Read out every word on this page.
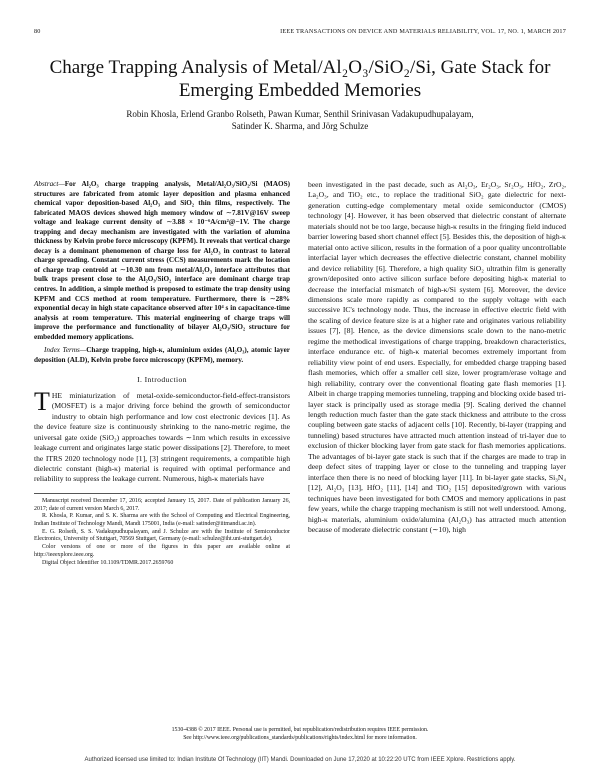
80	IEEE TRANSACTIONS ON DEVICE AND MATERIALS RELIABILITY, VOL. 17, NO. 1, MARCH 2017
Charge Trapping Analysis of Metal/Al₂O₃/SiO₂/Si, Gate Stack for Emerging Embedded Memories
Robin Khosla, Erlend Granbo Rolseth, Pawan Kumar, Senthil Srinivasan Vadakupudhupalayam,
Satinder K. Sharma, and Jörg Schulze
Abstract—For Al₂O₃ charge trapping analysis, Metal/Al₂O₃/SiO₂/Si (MAOS) structures are fabricated from atomic layer deposition and plasma enhanced chemical vapor deposition-based Al₂O₃ and SiO₂ thin films, respectively. The fabricated MAOS devices showed high memory window of ∼7.81V@16V sweep voltage and leakage current density of ∼3.88 × 10⁻⁶A/cm²@−1V. The charge trapping and decay mechanism are investigated with the variation of alumina thickness by Kelvin probe force microscopy (KPFM). It reveals that vertical charge decay is a dominant phenomenon of charge loss for Al₂O₃ in contrast to lateral charge spreading. Constant current stress (CCS) measurements mark the location of charge trap centroid at ∼10.30 nm from metal/Al₂O₃ interface attributes that bulk traps present close to the Al₂O₃/SiO₂ interface are dominant charge trap centres. In addition, a simple method is proposed to estimate the trap density using KPFM and CCS method at room temperature. Furthermore, there is ∼28% exponential decay in high state capacitance observed after 10⁴ s in capacitance-time analysis at room temperature. This material engineering of charge traps will improve the performance and functionality of bilayer Al₂O₃/SiO₂ structure for embedded memory applications.
Index Terms—Charge trapping, high-κ, aluminium oxides (Al₂O₃), atomic layer deposition (ALD), Kelvin probe force microscopy (KPFM), memory.
I. Introduction

THE miniaturization of metal-oxide-semiconductor-field-effect-transistors (MOSFET) is a major driving force behind the growth of semiconductor industry to obtain high performance and low cost electronic devices [1]. As the device feature size is continuously shrinking to the nano-metric regime, the universal gate oxide (SiO₂) approaches towards ∼1nm which results in excessive leakage current and originates large static power dissipations [2]. Therefore, to meet the ITRS 2020 technology node [1], [3] stringent requirements, a compatible high dielectric constant (high-κ) material is required with optimal performance and reliability to suppress the leakage current. Numerous, high-κ materials have

Manuscript received December 17, 2016; accepted January 15, 2017. Date of publication January 26, 2017; date of current version March 6, 2017.

R. Khosla, P. Kumar, and S. K. Sharma are with the School of Computing and Electrical Engineering, Indian Institute of Technology Mandi, Mandi 175001, India (e-mail: satinder@iitmandi.ac.in).

E. G. Rolseth, S. S. Vadakupudhupalayam, and J. Schulze are with the Institute of Semiconductor Electronics, University of Stuttgart, 70569 Stuttgart, Germany (e-mail: schulze@iht.uni-stuttgart.de).

Color versions of one or more of the figures in this paper are available online at http://ieeexplore.ieee.org.

Digital Object Identifier 10.1109/TDMR.2017.2659760

been investigated in the past decade, such as Al₂O₃, Er₂O₃, Sr₂O₃, HfO₂, ZrO₂, La₂O₃, and TiO₂ etc., to replace the traditional SiO₂ gate dielectric for next-generation cutting-edge complementary metal oxide semiconductor (CMOS) technology [4]. However, it has been observed that dielectric constant of alternate materials should not be too large, because high-κ results in the fringing field induced barrier lowering based short channel effect [5]. Besides this, the deposition of high-κ material onto active silicon, results in the formation of a poor quality uncontrollable interfacial layer which decreases the effective dielectric constant, channel mobility and device reliability [6]. Therefore, a high quality SiO₂ ultrathin film is generally grown/deposited onto active silicon surface before depositing high-κ material to decrease the interfacial mismatch of high-κ/Si system [6]. Moreover, the device dimensions scale more rapidly as compared to the supply voltage with each successive IC's technology node. Thus, the increase in effective electric field with the scaling of device feature size is at a higher rate and originates various reliability issues [7], [8]. Hence, as the device dimensions scale down to the nano-metric regime the methodical investigations of charge trapping, breakdown characteristics, interface endurance etc. of high-κ material becomes extremely important from reliability view point of end users. Especially, for embedded charge trapping based flash memories, which offer a smaller cell size, lower program/erase voltage and high reliability, contrary over the conventional floating gate flash memories [1]. Albeit in charge trapping memories tunneling, trapping and blocking oxide based tri-layer stack is principally used as storage media [9]. Scaling derived the channel length reduction much faster than the gate stack thickness and attribute to the cross coupling between gate stacks of adjacent cells [10]. Recently, bi-layer (trapping and tunneling) based structures have attracted much attention instead of tri-layer due to exclusion of thicker blocking layer from gate stack for flash memories applications. The advantages of bi-layer gate stack is such that if the charges are made to trap in deep defect sites of trapping layer or close to the tunneling and trapping layer interface then there is no need of blocking layer [11]. In bi-layer gate stacks, Si₃N₄ [12], Al₂O₃ [13], HfO₂ [11], [14] and TiO₂ [15] deposited/grown with various techniques have been investigated for both CMOS and memory applications in past few years, while the charge trapping mechanism is still not well understood. Among, high-κ materials, aluminium oxide/alumina (Al₂O₃) has attracted much attention because of moderate dielectric constant (∼10), high
1530-4388 © 2017 IEEE. Personal use is permitted, but republication/redistribution requires IEEE permission.
See http://www.ieee.org/publications_standards/publications/rights/index.html for more information.
Authorized licensed use limited to: Indian Institute Of Technology (IIT) Mandi. Downloaded on June 17,2020 at 10:22:20 UTC from IEEE Xplore. Restrictions apply.
